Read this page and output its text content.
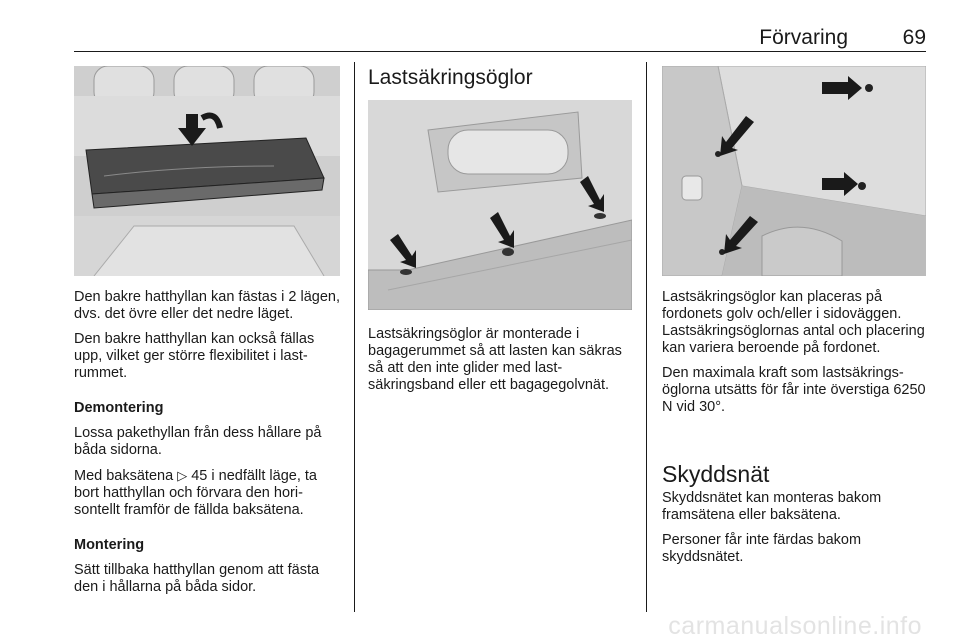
Förvaring	69

Den bakre hatthyllan kan fästas i 2 lägen, dvs. det övre eller det nedre läget.

Den bakre hatthyllan kan också fällas upp, vilket ger större flexibilitet i lastrummet.

Demontering

Lossa pakethyllan från dess hållare på båda sidorna.

Med baksätena ▷ 45 i nedfällt läge, ta bort hatthyllan och förvara den horisontellt framför de fällda baksätena.

Montering

Sätt tillbaka hatthyllan genom att fästa den i hållarna på båda sidor.

Lastsäkringsöglor

Lastsäkringsöglor är monterade i bagagerummet så att lasten kan säkras så att den inte glider med lastsäkringsband eller ett bagagegolvnät.

Lastsäkringsöglor kan placeras på fordonets golv och/eller i sidoväggen. Lastsäkringsöglornas antal och placering kan variera beroende på fordonet.

Den maximala kraft som lastsäkringsöglorna utsätts för får inte överstiga 6250 N vid 30°.

Skyddsnät

Skyddsnätet kan monteras bakom framsätena eller baksätena.

Personer får inte färdas bakom skyddsnätet.

carmanualsonline.info
